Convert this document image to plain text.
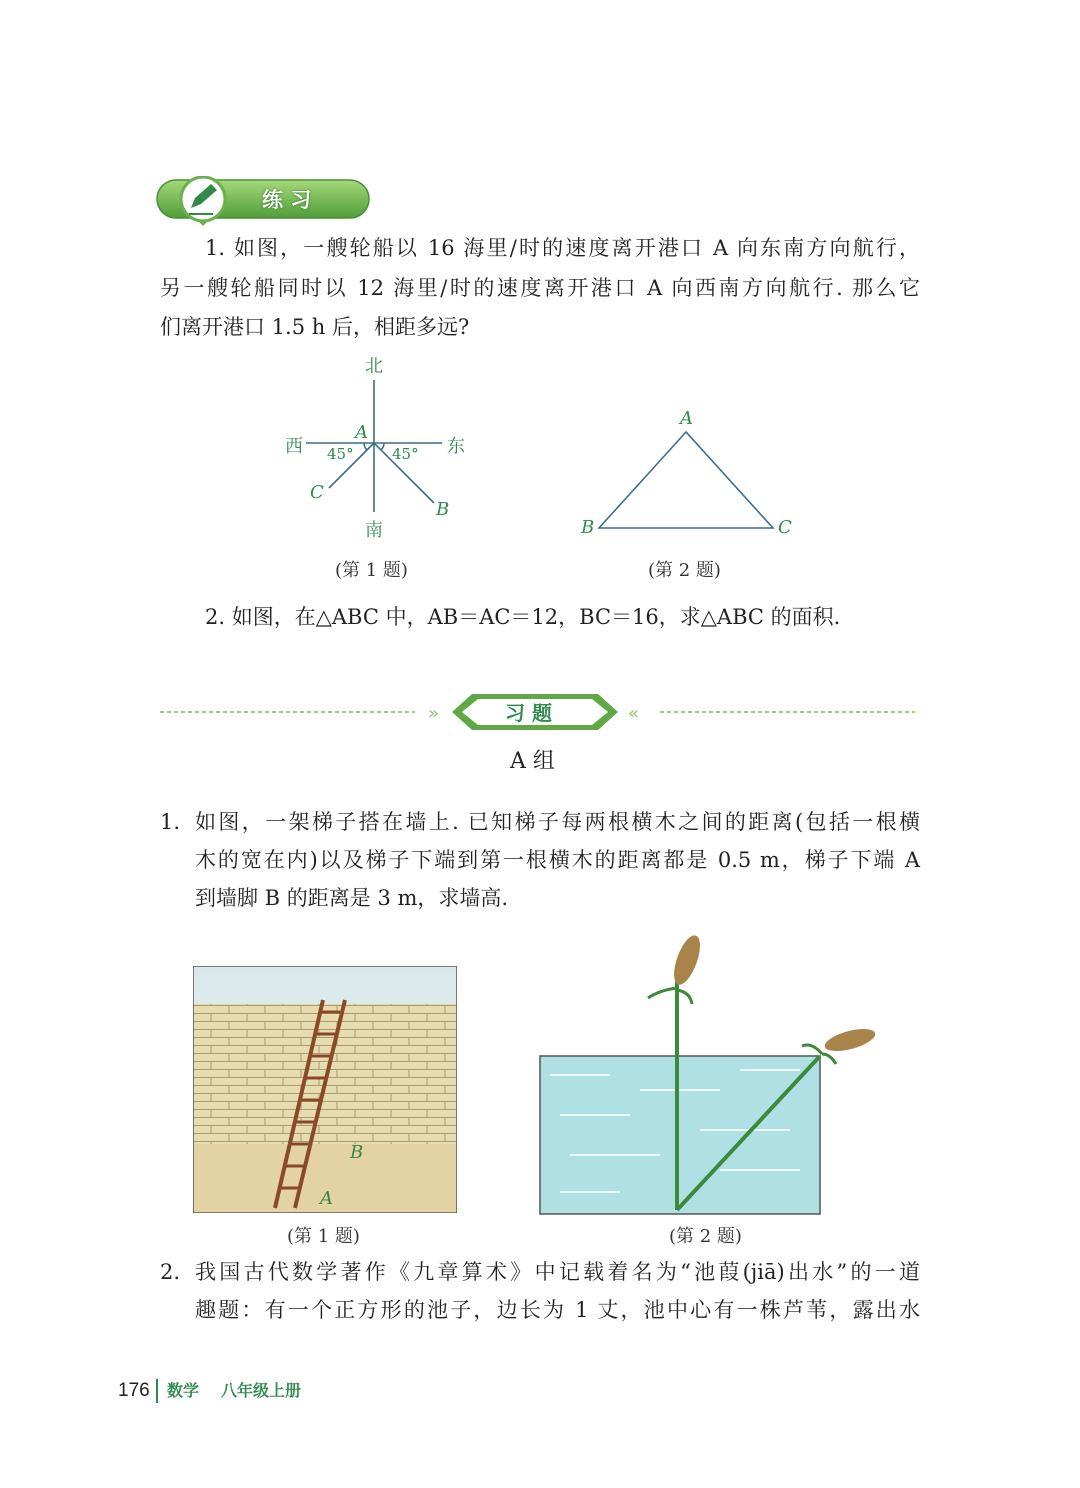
练 习
1. 如图，一艘轮船以 16 海里/时的速度离开港口 A 向东南方向航行，
另一艘轮船同时以 12 海里/时的速度离开港口 A 向西南方向航行. 那么它
们离开港口 1.5 h 后，相距多远?
北
南
西	东
A
B
C
45°	45°
(第 1 题)
A
B	C
(第 2 题)
2. 如图，在△ABC 中，AB＝AC＝12，BC＝16，求△ABC 的面积.
»	«
习 题
A 组
1. 如图，一架梯子搭在墙上. 已知梯子每两根横木之间的距离(包括一根横
木的宽在内)以及梯子下端到第一根横木的距离都是 0.5 m，梯子下端 A
到墙脚 B 的距离是 3 m，求墙高.
B
A
(第 1 题)	(第 2 题)
2. 我国古代数学著作《九章算术》中记载着名为“池葭(jiā)出水”的一道
趣题：有一个正方形的池子，边长为 1 丈，池中心有一株芦苇，露出水
176 数学 八年级上册
